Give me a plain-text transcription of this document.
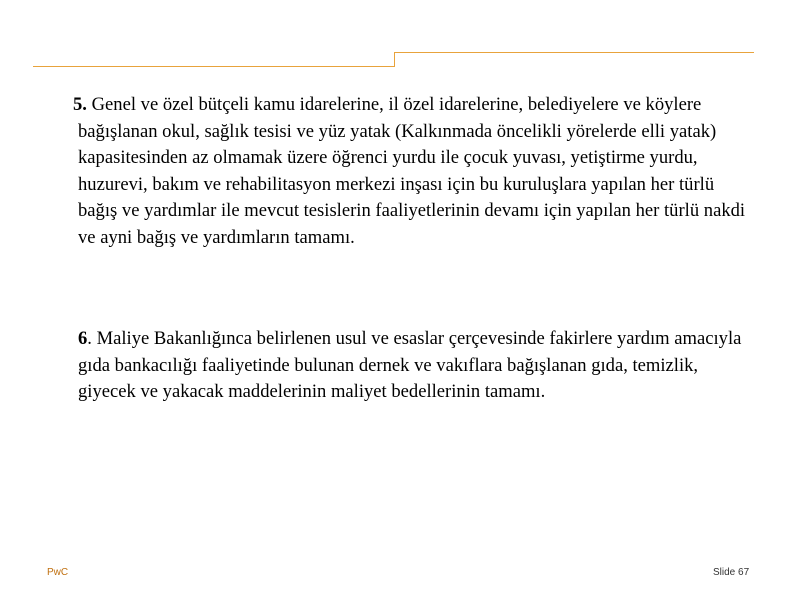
5. Genel ve özel bütçeli kamu idarelerine, il özel idarelerine, belediyelere ve köylere bağışlanan okul, sağlık tesisi ve yüz yatak (Kalkınmada öncelikli yörelerde elli yatak) kapasitesinden az olmamak üzere öğrenci yurdu ile çocuk yuvası, yetiştirme yurdu, huzurevi, bakım ve rehabilitasyon merkezi inşası için bu kuruluşlara yapılan her türlü bağış ve yardımlar ile mevcut tesislerin faaliyetlerinin devamı için yapılan her türlü nakdi ve ayni bağış ve yardımların tamamı.

6. Maliye Bakanlığınca belirlenen usul ve esaslar çerçevesinde fakirlere yardım amacıyla gıda bankacılığı faaliyetinde bulunan dernek ve vakıflara bağışlanan gıda, temizlik, giyecek ve yakacak maddelerinin maliyet bedellerinin tamamı.

PwC	Slide 67
